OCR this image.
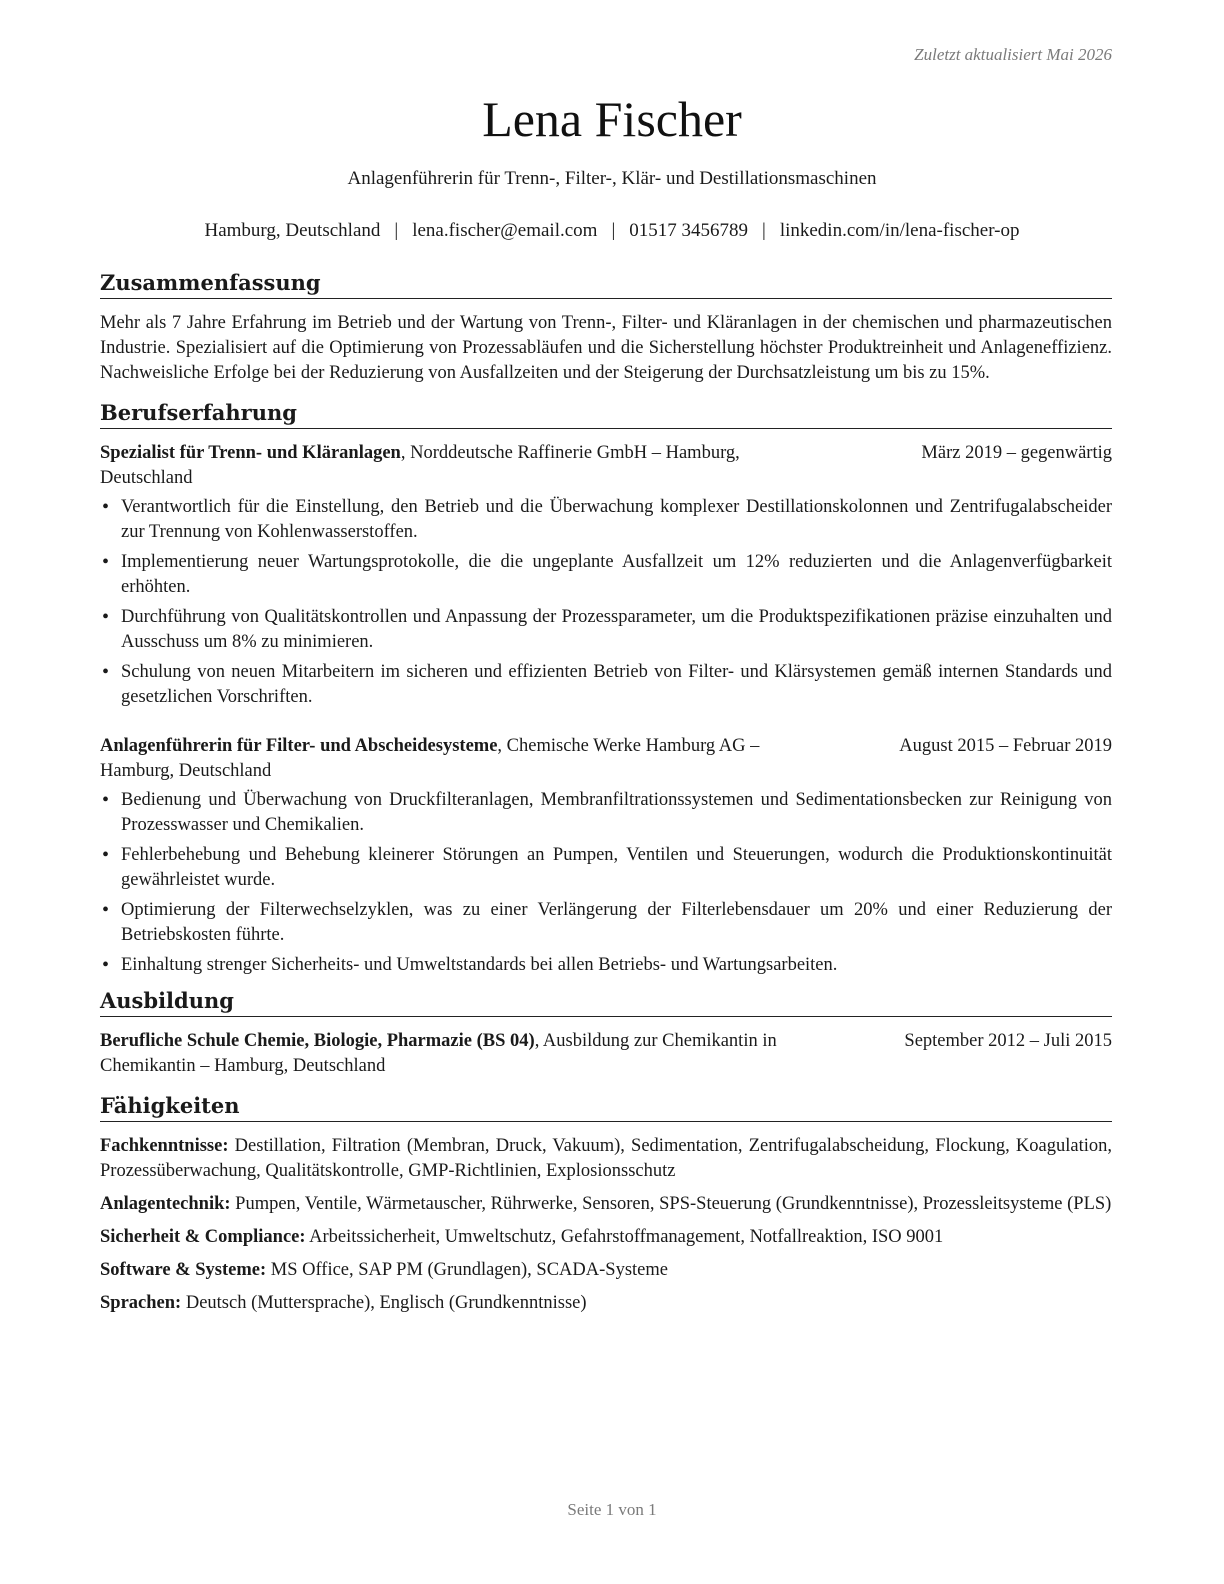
Zuletzt aktualisiert Mai 2026
Lena Fischer
Anlagenführerin für Trenn-, Filter-, Klär- und Destillationsmaschinen
Hamburg, Deutschland | lena.fischer@email.com | 01517 3456789 | linkedin.com/in/lena-fischer-op
Zusammenfassung

Mehr als 7 Jahre Erfahrung im Betrieb und der Wartung von Trenn-, Filter- und Kläranlagen in der chemischen und pharmazeutischen Industrie. Spezialisiert auf die Optimierung von Prozessabläufen und die Sicherstellung höchster Produktreinheit und Anlageneffizienz. Nachweisliche Erfolge bei der Reduzierung von Ausfallzeiten und der Steigerung der Durchsatzleistung um bis zu 15%.

Berufserfahrung
Spezialist für Trenn- und Kläranlagen, Norddeutsche Raffinerie GmbH – Hamburg,	März 2019 – gegenwärtig
Deutschland
• Verantwortlich für die Einstellung, den Betrieb und die Überwachung komplexer Destillationskolonnen und Zentrifugalabscheider zur Trennung von Kohlenwasserstoffen.
• Implementierung neuer Wartungsprotokolle, die die ungeplante Ausfallzeit um 12% reduzierten und die Anlagenverfügbarkeit erhöhten.
• Durchführung von Qualitätskontrollen und Anpassung der Prozessparameter, um die Produktspezifikationen präzise einzuhalten und Ausschuss um 8% zu minimieren.
• Schulung von neuen Mitarbeitern im sicheren und effizienten Betrieb von Filter- und Klärsystemen gemäß internen Standards und gesetzlichen Vorschriften.
Anlagenführerin für Filter- und Abscheidesysteme, Chemische Werke Hamburg AG –	August 2015 – Februar 2019
Hamburg, Deutschland
• Bedienung und Überwachung von Druckfilteranlagen, Membranfiltrationssystemen und Sedimentationsbecken zur Reinigung von Prozesswasser und Chemikalien.
• Fehlerbehebung und Behebung kleinerer Störungen an Pumpen, Ventilen und Steuerungen, wodurch die Produktionskontinuität gewährleistet wurde.
• Optimierung der Filterwechselzyklen, was zu einer Verlängerung der Filterlebensdauer um 20% und einer Reduzierung der Betriebskosten führte.
• Einhaltung strenger Sicherheits- und Umweltstandards bei allen Betriebs- und Wartungsarbeiten.
Ausbildung
Berufliche Schule Chemie, Biologie, Pharmazie (BS 04), Ausbildung zur Chemikantin in	September 2012 – Juli 2015
Chemikantin – Hamburg, Deutschland
Fähigkeiten
Fachkenntnisse: Destillation, Filtration (Membran, Druck, Vakuum), Sedimentation, Zentrifugalabscheidung, Flockung, Koagulation, Prozessüberwachung, Qualitätskontrolle, GMP-Richtlinien, Explosionsschutz
Anlagentechnik: Pumpen, Ventile, Wärmetauscher, Rührwerke, Sensoren, SPS-Steuerung (Grundkenntnisse), Prozessleitsysteme (PLS)
Sicherheit & Compliance: Arbeitssicherheit, Umweltschutz, Gefahrstoffmanagement, Notfallreaktion, ISO 9001
Software & Systeme: MS Office, SAP PM (Grundlagen), SCADA-Systeme
Sprachen: Deutsch (Muttersprache), Englisch (Grundkenntnisse)
Seite 1 von 1
